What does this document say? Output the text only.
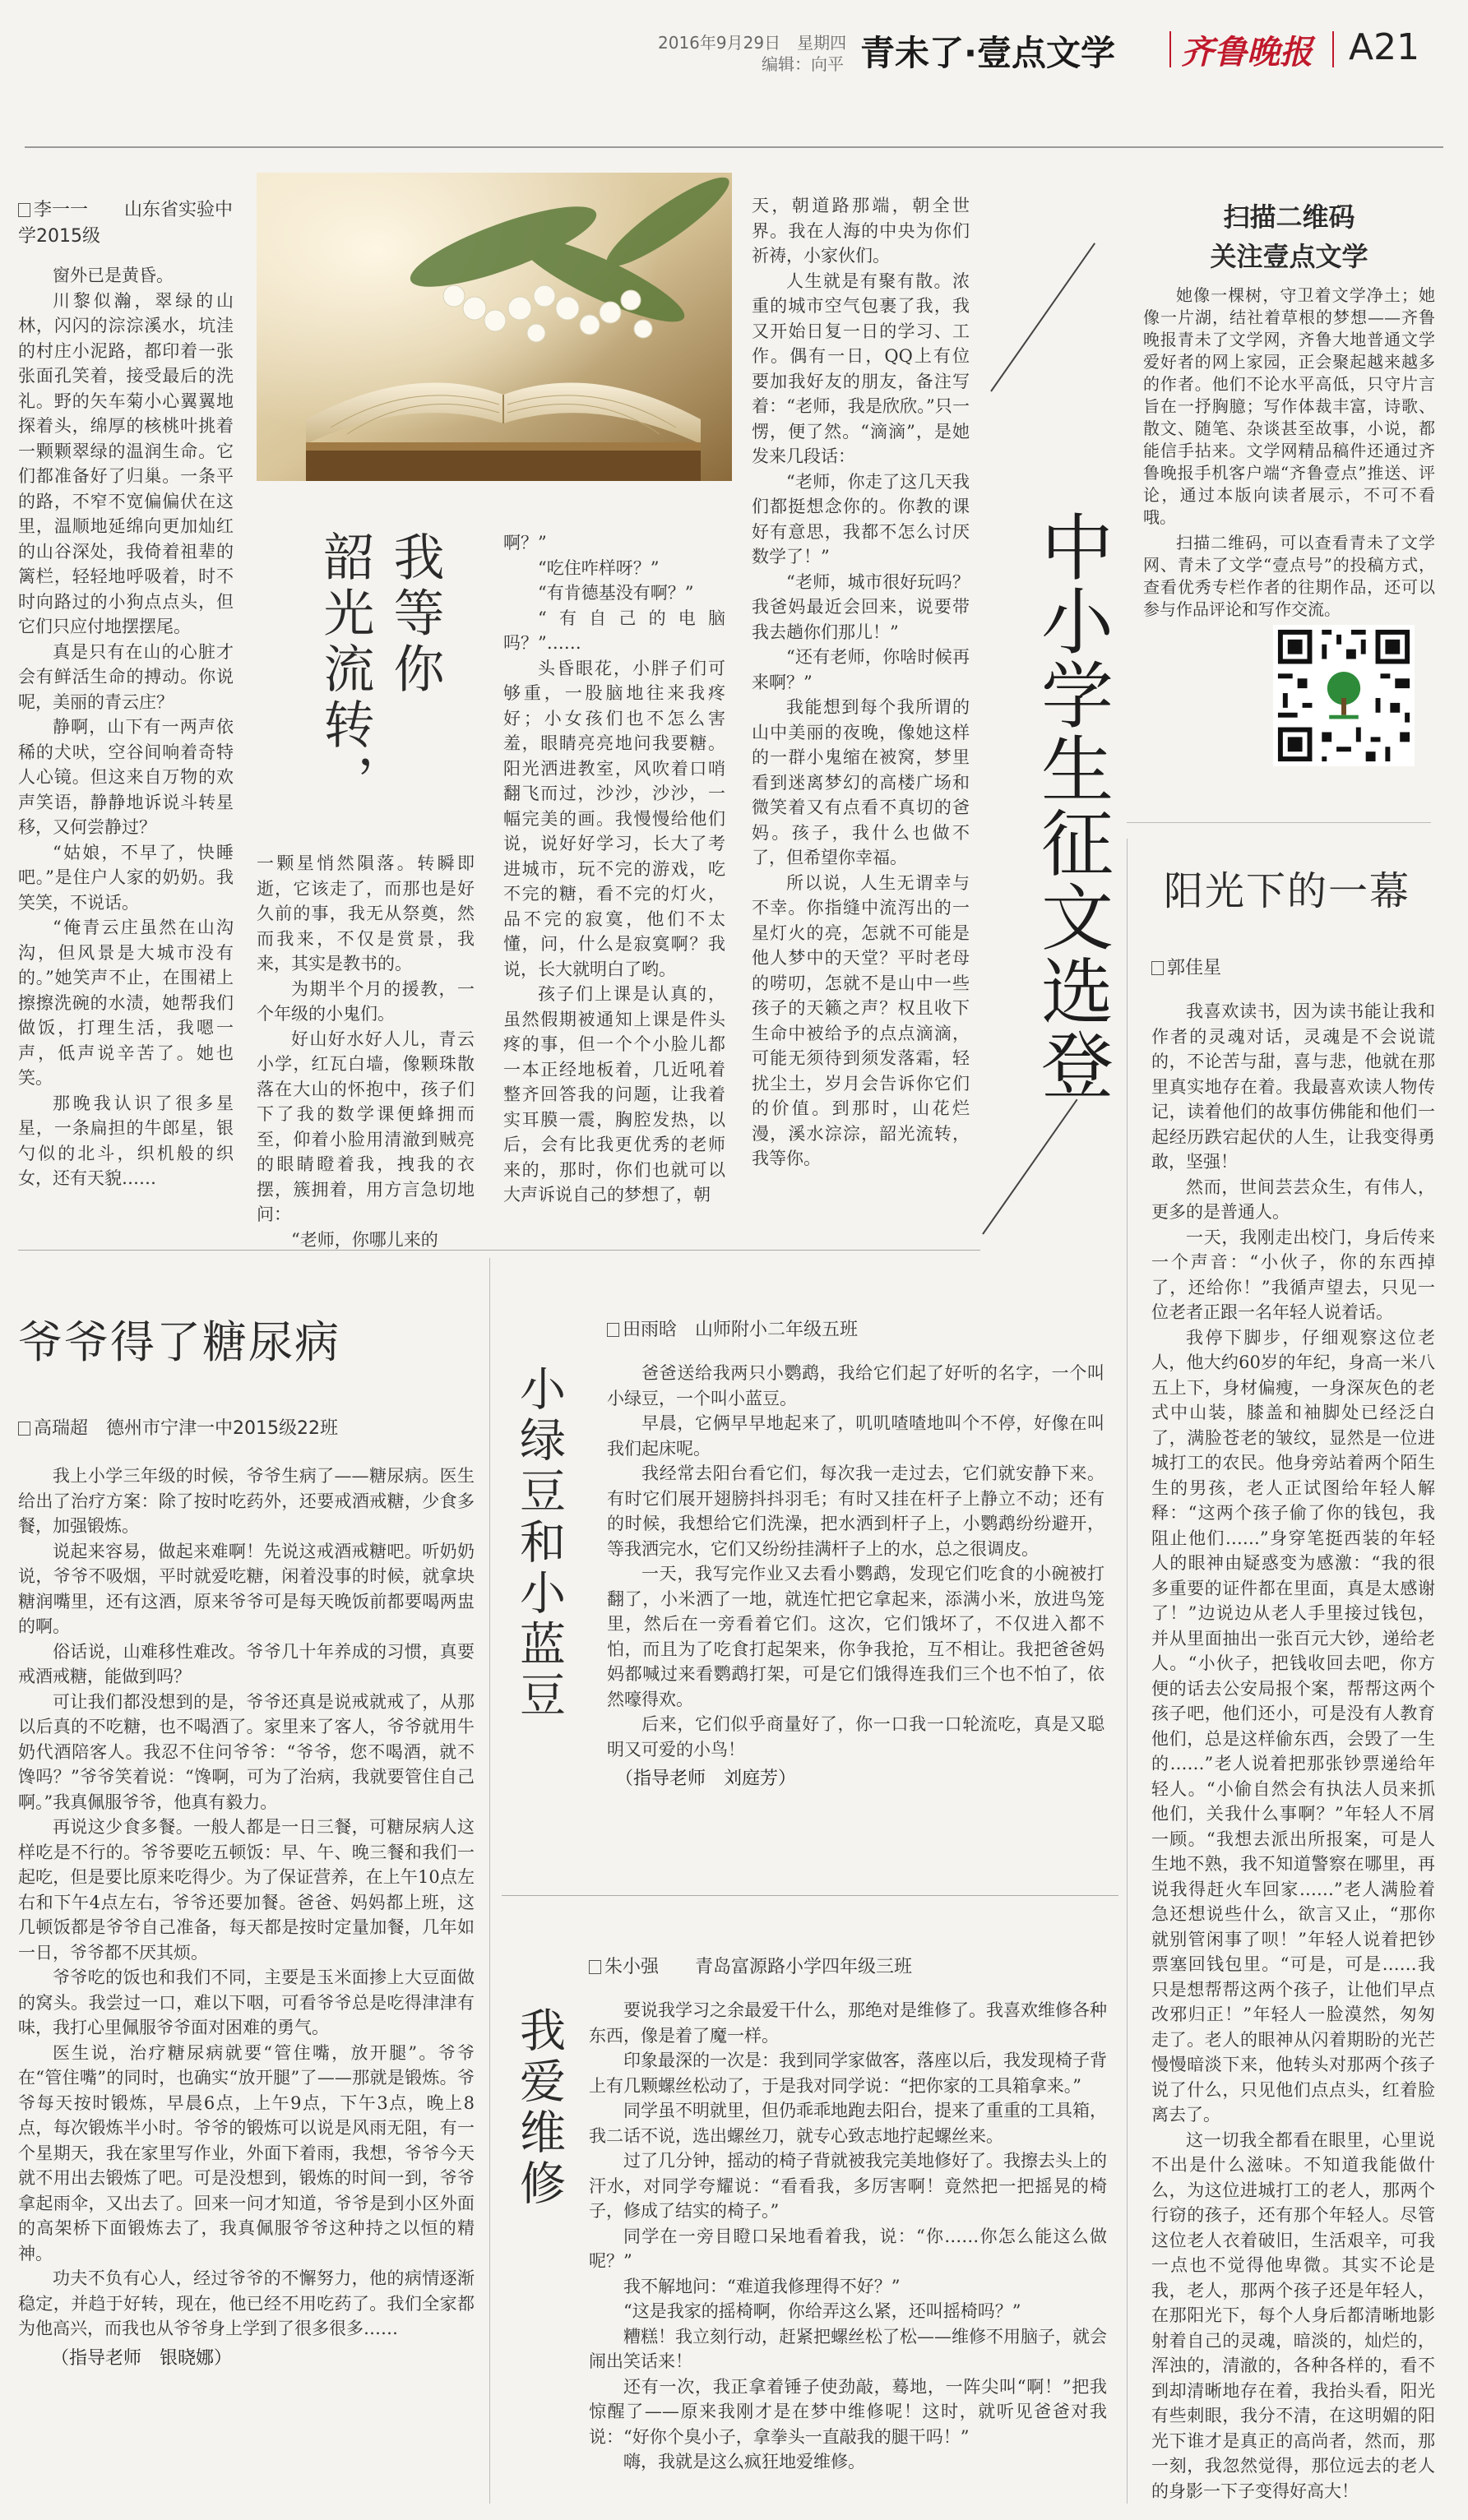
2016年9月29日　星期四
编辑：向平 青未了·壹点文学 齐鲁晚报 A21
李一一　　山东省实验中学2015级
我等你
韶光流转，

窗外已是黄昏。

川黎似瀚，翠绿的山林，闪闪的淙淙溪水，坑洼的村庄小泥路，都印着一张张面孔笑着，接受最后的洗礼。野的矢车菊小心翼翼地探着头，绵厚的核桃叶挑着一颗颗翠绿的温润生命。它们都准备好了归巢。一条平的路，不窄不宽偏偏伏在这里，温顺地延绵向更加灿红的山谷深处，我倚着祖辈的篱栏，轻轻地呼吸着，时不时向路过的小狗点点头，但它们只应付地摆摆尾。

真是只有在山的心脏才会有鲜活生命的搏动。你说呢，美丽的青云庄？

静啊，山下有一两声依稀的犬吠，空谷间响着奇特人心镜。但这来自万物的欢声笑语，静静地诉说斗转星移，又何尝静过？

“姑娘，不早了，快睡吧。”是住户人家的奶奶。我笑笑，不说话。

“俺青云庄虽然在山沟沟，但风景是大城市没有的。”她笑声不止，在围裙上擦擦洗碗的水渍，她帮我们做饭，打理生活，我嗯一声，低声说辛苦了。她也笑。

那晚我认识了很多星星，一条扁担的牛郎星，银勺似的北斗，织机般的织女，还有天貌……

一颗星悄然隕落。转瞬即逝，它该走了，而那也是好久前的事，我无从祭奠，然而我来，不仅是赏景，我来，其实是教书的。

为期半个月的援教，一个年级的小鬼们。

好山好水好人儿，青云小学，红瓦白墙，像颗珠散落在大山的怀抱中，孩子们下了我的数学课便蜂拥而至，仰着小脸用清澈到贼亮的眼睛瞪着我，拽我的衣摆，簇拥着，用方言急切地问：

“老师，你哪儿来的

啊？”

“吃住咋样呀？”

“有肯德基没有啊？”

“有自己的电脑吗？”……

头昏眼花，小胖子们可够重，一股脑地往来我疼好；小女孩们也不怎么害羞，眼睛亮亮地问我要糖。阳光洒进教室，风吹着口哨翻飞而过，沙沙，沙沙，一幅完美的画。我慢慢给他们说，说好好学习，长大了考进城市，玩不完的游戏，吃不完的糖，看不完的灯火，品不完的寂寞，他们不太懂，问，什么是寂寞啊？我说，长大就明白了哟。

孩子们上课是认真的，虽然假期被通知上课是件头疼的事，但一个个小脸儿都一本正经地板着，几近吼着整齐回答我的问题，让我着实耳膜一震，胸腔发热，以后，会有比我更优秀的老师来的，那时，你们也就可以大声诉说自己的梦想了，朝

天，朝道路那端，朝全世界。我在人海的中央为你们祈祷，小家伙们。

人生就是有聚有散。浓重的城市空气包裹了我，我又开始日复一日的学习、工作。偶有一日，QQ上有位要加我好友的朋友，备注写着：“老师，我是欣欣。”只一愣，便了然。“滴滴”，是她发来几段话：

“老师，你走了这几天我们都挺想念你的。你教的课好有意思，我都不怎么讨厌数学了！”

“老师，城市很好玩吗？我爸妈最近会回来，说要带我去趟你们那儿！”

“还有老师，你啥时候再来啊？”

我能想到每个我所谓的山中美丽的夜晚，像她这样的一群小鬼缩在被窝，梦里看到迷离梦幻的高楼广场和微笑着又有点看不真切的爸妈。孩子，我什么也做不了，但希望你幸福。

所以说，人生无谓幸与不幸。你指缝中流泻出的一星灯火的亮，怎就不可能是他人梦中的天堂？平时老母的唠叨，怎就不是山中一些孩子的天籁之声？权且收下生命中被给予的点点滴滴，可能无须待到须发落霜，轻扰尘土，岁月会告诉你它们的价值。到那时，山花烂漫，溪水淙淙，韶光流转，我等你。

中小学生征文选登
扫描二维码
关注壹点文学
她像一棵树，守卫着文学净土；她像一片湖，结社着草根的梦想——齐鲁晚报青未了文学网，齐鲁大地普通文学爱好者的网上家园，正会聚起越来越多的作者。他们不论水平高低，只守片言旨在一抒胸臆；写作体裁丰富，诗歌、散文、随笔、杂谈甚至故事，小说，都能信手拈来。文学网精品稿件还通过齐鲁晚报手机客户端“齐鲁壹点”推送、评论，通过本版向读者展示，不可不看哦。
扫描二维码，可以查看青未了文学网、青未了文学“壹点号”的投稿方式，查看优秀专栏作者的往期作品，还可以参与作品评论和写作交流。
爷爷得了糖尿病
高瑞超　德州市宁津一中2015级22班

我上小学三年级的时候，爷爷生病了——糖尿病。医生给出了治疗方案：除了按时吃药外，还要戒酒戒糖，少食多餐，加强锻炼。

说起来容易，做起来难啊！先说这戒酒戒糖吧。听奶奶说，爷爷不吸烟，平时就爱吃糖，闲着没事的时候，就拿块糖润嘴里，还有这酒，原来爷爷可是每天晚饭前都要喝两盅的啊。

俗话说，山难移性难改。爷爷几十年养成的习惯，真要戒酒戒糖，能做到吗？

可让我们都没想到的是，爷爷还真是说戒就戒了，从那以后真的不吃糖，也不喝酒了。家里来了客人，爷爷就用牛奶代酒陪客人。我忍不住问爷爷：“爷爷，您不喝酒，就不馋吗？”爷爷笑着说：“馋啊，可为了治病，我就要管住自己啊。”我真佩服爷爷，他真有毅力。

再说这少食多餐。一般人都是一日三餐，可糖尿病人这样吃是不行的。爷爷要吃五顿饭：早、午、晚三餐和我们一起吃，但是要比原来吃得少。为了保证营养，在上午10点左右和下午4点左右，爷爷还要加餐。爸爸、妈妈都上班，这几顿饭都是爷爷自己准备，每天都是按时定量加餐，几年如一日，爷爷都不厌其烦。

爷爷吃的饭也和我们不同，主要是玉米面掺上大豆面做的窝头。我尝过一口，难以下咽，可看爷爷总是吃得津津有味，我打心里佩服爷爷面对困难的勇气。

医生说，治疗糖尿病就要“管住嘴，放开腿”。爷爷在“管住嘴”的同时，也确实“放开腿”了——那就是锻炼。爷爷每天按时锻炼，早晨6点，上午9点，下午3点，晚上8点，每次锻炼半小时。爷爷的锻炼可以说是风雨无阻，有一个星期天，我在家里写作业，外面下着雨，我想，爷爷今天就不用出去锻炼了吧。可是没想到，锻炼的时间一到，爷爷拿起雨伞，又出去了。回来一问才知道，爷爷是到小区外面的高架桥下面锻炼去了，我真佩服爷爷这种持之以恒的精神。

功夫不负有心人，经过爷爷的不懈努力，他的病情逐渐稳定，并趋于好转，现在，他已经不用吃药了。我们全家都为他高兴，而我也从爷爷身上学到了很多很多……

（指导老师　银晓娜）
小绿豆和小蓝豆
田雨晗　山师附小二年级五班

爸爸送给我两只小鹦鹉，我给它们起了好听的名字，一个叫小绿豆，一个叫小蓝豆。

早晨，它俩早早地起来了，叽叽喳喳地叫个不停，好像在叫我们起床呢。

我经常去阳台看它们，每次我一走过去，它们就安静下来。有时它们展开翅膀抖抖羽毛；有时又挂在杆子上静立不动；还有的时候，我想给它们洗澡，把水洒到杆子上，小鹦鹉纷纷避开，等我洒完水，它们又纷纷挂满杆子上的水，总之很调皮。

一天，我写完作业又去看小鹦鹉，发现它们吃食的小碗被打翻了，小米洒了一地，就连忙把它拿起来，添满小米，放进鸟笼里，然后在一旁看着它们。这次，它们饿坏了，不仅进入都不怕，而且为了吃食打起架来，你争我抢，互不相让。我把爸爸妈妈都喊过来看鹦鹉打架，可是它们饿得连我们三个也不怕了，依然嚎得欢。

后来，它们似乎商量好了，你一口我一口轮流吃，真是又聪明又可爱的小鸟！

（指导老师　刘庭芳）
我爱维修
朱小强　　青岛富源路小学四年级三班

要说我学习之余最爱干什么，那绝对是维修了。我喜欢维修各种东西，像是着了魔一样。

印象最深的一次是：我到同学家做客，落座以后，我发现椅子背上有几颗螺丝松动了，于是我对同学说：“把你家的工具箱拿来。”

同学虽不明就里，但仍乖乖地跑去阳台，提来了重重的工具箱，我二话不说，选出螺丝刀，就专心致志地拧起螺丝来。

过了几分钟，摇动的椅子背就被我完美地修好了。我擦去头上的汗水，对同学夸耀说：“看看我，多厉害啊！竟然把一把摇晃的椅子，修成了结实的椅子。”

同学在一旁目瞪口呆地看着我，说：“你……你怎么能这么做呢？”

我不解地问：“难道我修理得不好？”

“这是我家的摇椅啊，你给弄这么紧，还叫摇椅吗？”

糟糕！我立刻行动，赶紧把螺丝松了松——维修不用脑子，就会闹出笑话来！

还有一次，我正拿着锤子使劲敲，蓦地，一阵尖叫“啊！”把我惊醒了——原来我刚才是在梦中维修呢！这时，就听见爸爸对我说：“好你个臭小子，拿拳头一直敲我的腿干吗！”

嗨，我就是这么疯狂地爱维修。

阳光下的一幕
郭佳星

我喜欢读书，因为读书能让我和作者的灵魂对话，灵魂是不会说谎的，不论苦与甜，喜与悲，他就在那里真实地存在着。我最喜欢读人物传记，读着他们的故事仿佛能和他们一起经历跌宕起伏的人生，让我变得勇敢，坚强！

然而，世间芸芸众生，有伟人，更多的是普通人。

一天，我刚走出校门，身后传来一个声音：“小伙子，你的东西掉了，还给你！”我循声望去，只见一位老者正跟一名年轻人说着话。

我停下脚步，仔细观察这位老人，他大约60岁的年纪，身高一米八五上下，身材偏瘦，一身深灰色的老式中山装，膝盖和袖脚处已经泛白了，满脸苍老的皱纹，显然是一位进城打工的农民。他身旁站着两个陌生生的男孩，老人正试图给年轻人解释：“这两个孩子偷了你的钱包，我阻止他们……”身穿笔挺西装的年轻人的眼神由疑惑变为感激：“我的很多重要的证件都在里面，真是太感谢了！”边说边从老人手里接过钱包，并从里面抽出一张百元大钞，递给老人。“小伙子，把钱收回去吧，你方便的话去公安局报个案，帮帮这两个孩子吧，他们还小，可是没有人教育他们，总是这样偷东西，会毁了一生的……”老人说着把那张钞票递给年轻人。“小偷自然会有执法人员来抓他们，关我什么事啊？”年轻人不屑一顾。“我想去派出所报案，可是人生地不熟，我不知道警察在哪里，再说我得赶火车回家……”老人满脸着急还想说些什么，欲言又止，“那你就别管闲事了呗！”年轻人说着把钞票塞回钱包里。“可是，可是……我只是想帮帮这两个孩子，让他们早点改邪归正！”年轻人一脸漠然，匆匆走了。老人的眼神从闪着期盼的光芒慢慢暗淡下来，他转头对那两个孩子说了什么，只见他们点点头，红着脸离去了。

这一切我全都看在眼里，心里说不出是什么滋味。不知道我能做什么，为这位进城打工的老人，那两个行窃的孩子，还有那个年轻人。尽管这位老人衣着破旧，生活艰辛，可我一点也不觉得他卑微。其实不论是我，老人，那两个孩子还是年轻人，在那阳光下，每个人身后都清晰地影射着自己的灵魂，暗淡的，灿烂的，浑浊的，清澈的，各种各样的，看不到却清晰地存在着，我抬头看，阳光有些刺眼，我分不清，在这明媚的阳光下谁才是真正的高尚者，然而，那一刻，我忽然觉得，那位远去的老人的身影一下子变得好高大！
